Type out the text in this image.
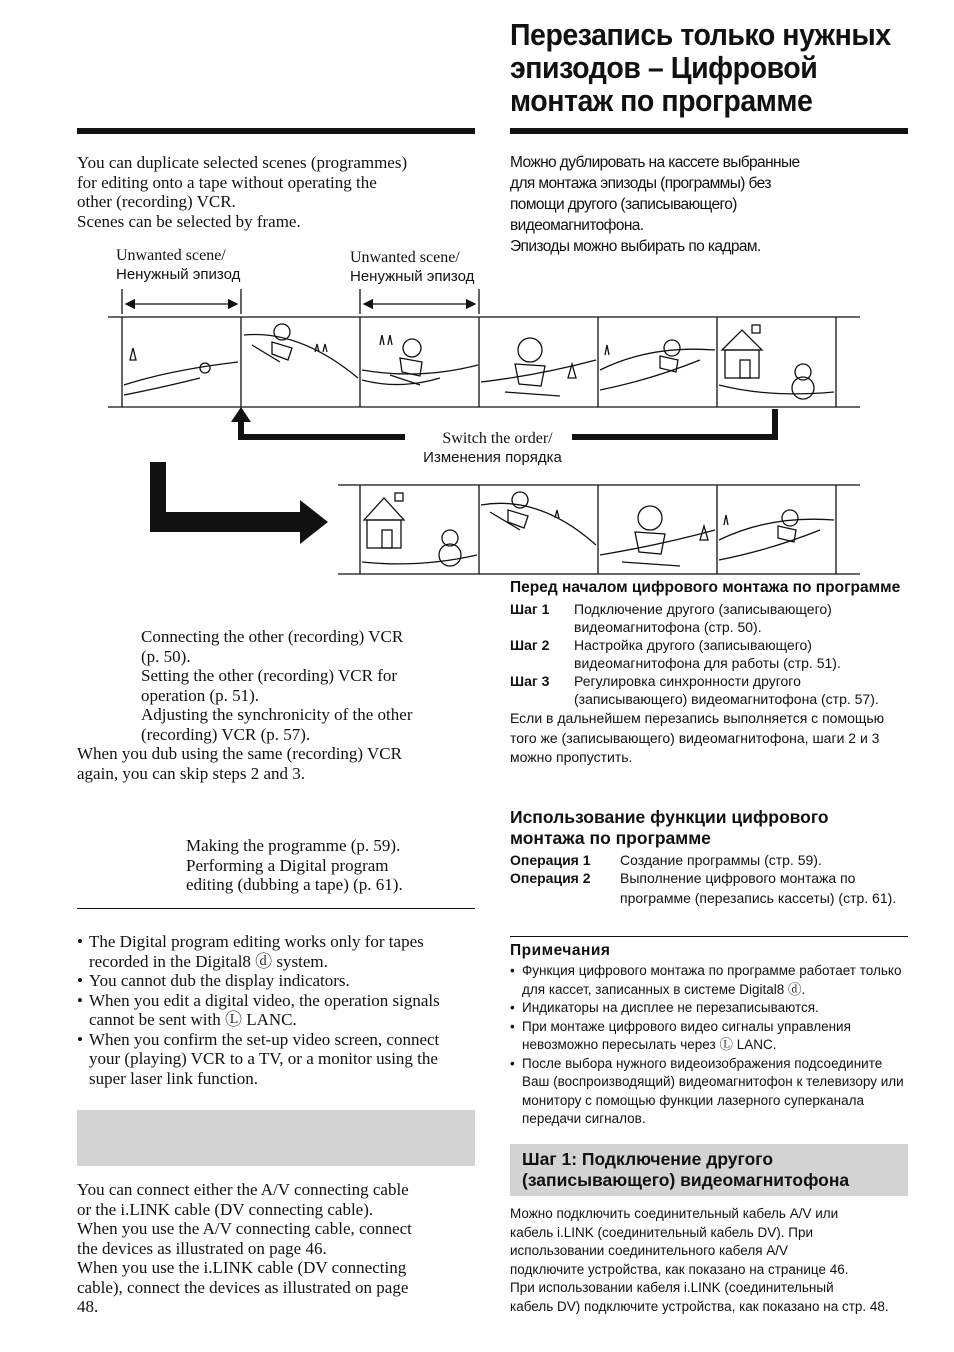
Перезапись только нужных эпизодов – Цифровой монтаж по программе
You can duplicate selected scenes (programmes)
for editing onto a tape without operating the
other (recording) VCR.
Scenes can be selected by frame.
Можно дублировать на кассете выбранные
для монтажа эпизоды (программы) без
помощи другого (записывающего)
видеомагнитофона.
Эпизоды можно выбирать по кадрам.
Unwanted scene/
Ненужный эпизод
Unwanted scene/
Ненужный эпизод
Switch the order/
Изменения порядка
Connecting the other (recording) VCR
(p. 50).
Setting the other (recording) VCR for
operation (p. 51).
Adjusting the synchronicity of the other
(recording) VCR (p. 57).
When you dub using the same (recording) VCR
again, you can skip steps 2 and 3.
Making the programme (p. 59).
Performing a Digital program
editing (dubbing a tape) (p. 61).
• The Digital program editing works only for tapes recorded in the Digital8 ⓓ system.
• You cannot dub the display indicators.
• When you edit a digital video, the operation signals cannot be sent with Ⓛ LANC.
• When you confirm the set-up video screen, connect your (playing) VCR to a TV, or a monitor using the super laser link function.
You can connect either the A/V connecting cable
or the i.LINK cable (DV connecting cable).
When you use the A/V connecting cable, connect
the devices as illustrated on page 46.
When you use the i.LINK cable (DV connecting
cable), connect the devices as illustrated on page
48.
Перед началом цифрового монтажа по программе
Шаг 1	Подключение другого (записывающего) видеомагнитофона (стр. 50).
Шаг 2	Настройка другого (записывающего) видеомагнитофона для работы (стр. 51).
Шаг 3	Регулировка синхронности другого (записывающего) видеомагнитофона (стр. 57).
Если в дальнейшем перезапись выполняется с помощью того же (записывающего) видеомагнитофона, шаги 2 и 3 можно пропустить.
Использование функции цифрового монтажа по программе
Операция 1	Создание программы (стр. 59).
Операция 2	Выполнение цифрового монтажа по программе (перезапись кассеты) (стр. 61).
Примечания
• Функция цифрового монтажа по программе работает только для кассет, записанных в системе Digital8 ⓓ.
• Индикаторы на дисплее не перезаписываются.
• При монтаже цифрового видео сигналы управления невозможно пересылать через Ⓛ LANC.
• После выбора нужного видеоизображения подсоедините Ваш (воспроизводящий) видеомагнитофон к телевизору или монитору с помощью функции лазерного суперканала передачи сигналов.
Шаг 1: Подключение другого (записывающего) видеомагнитофона
Можно подключить соединительный кабель A/V или
кабель i.LINK (соединительный кабель DV). При
использовании соединительного кабеля A/V
подключите устройства, как показано на странице 46.
При использовании кабеля i.LINK (соединительный
кабель DV) подключите устройства, как показано на стр. 48.
